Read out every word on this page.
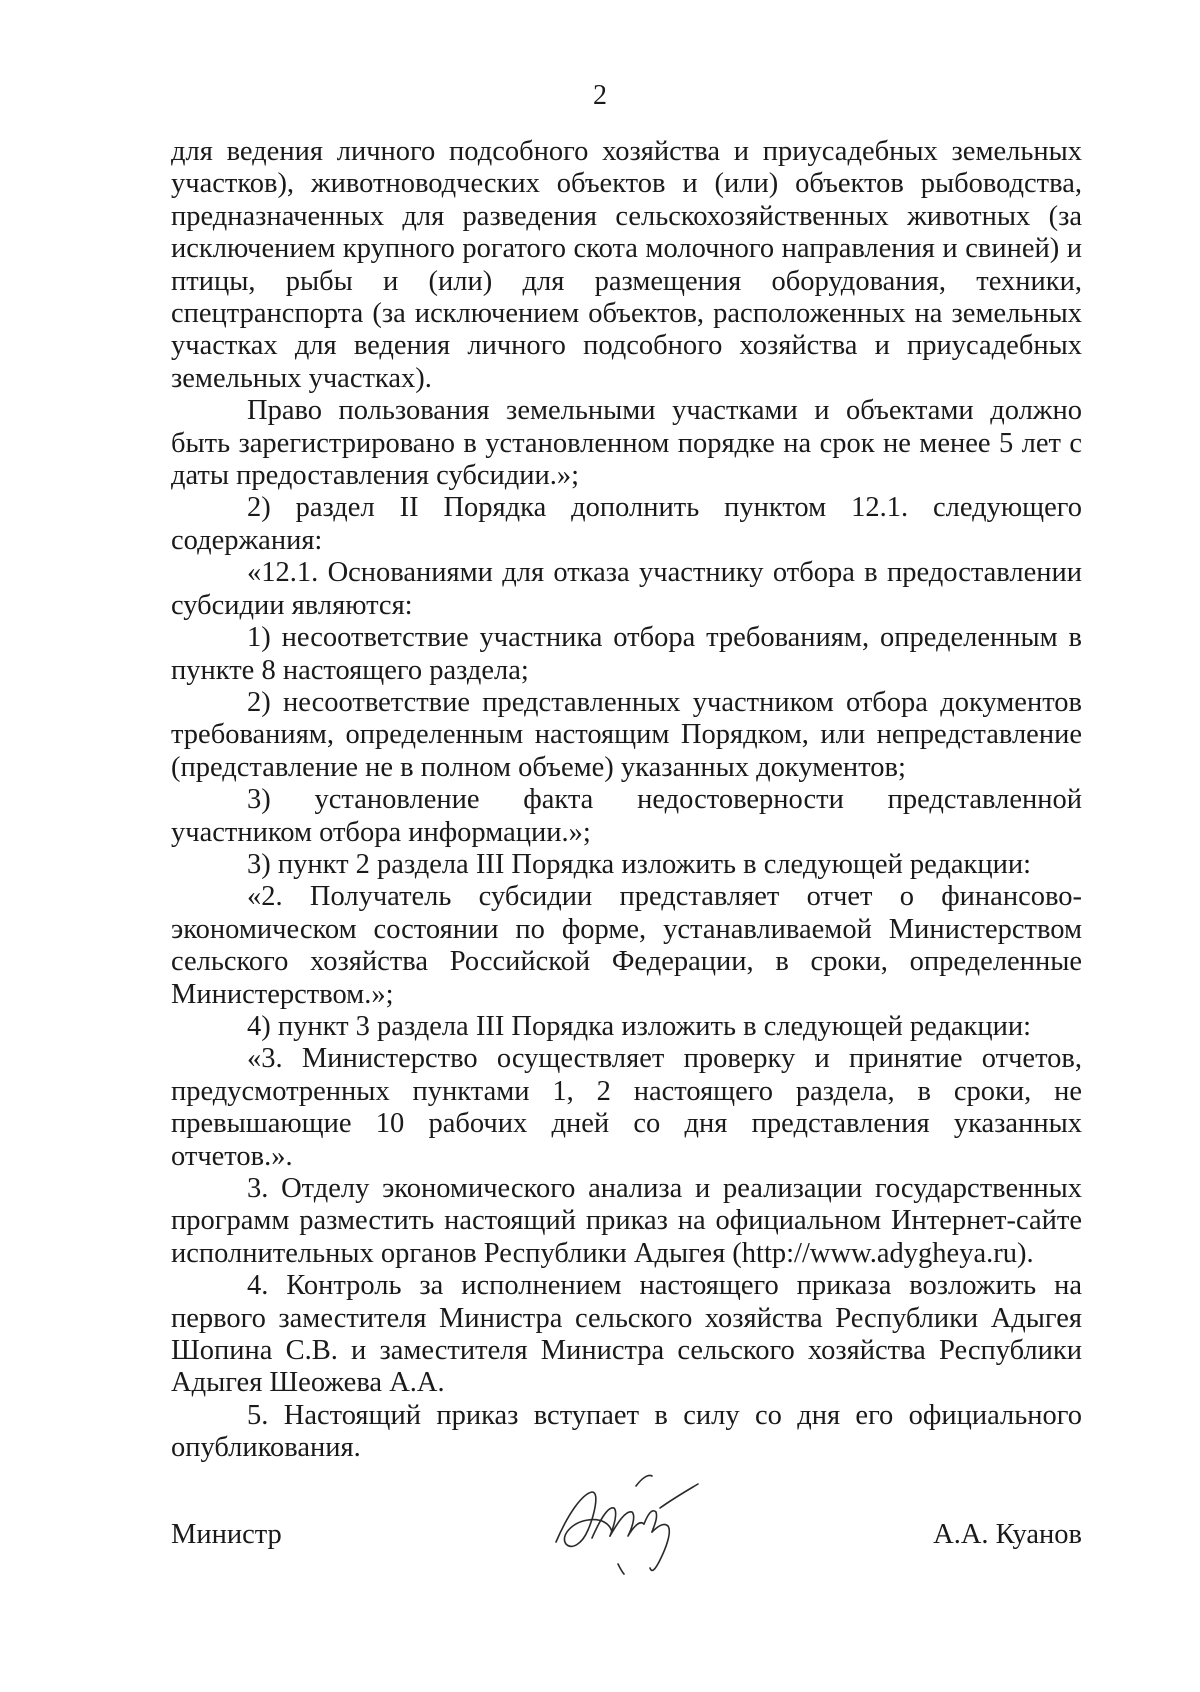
2

для ведения личного подсобного хозяйства и приусадебных земельных участков), животноводческих объектов и (или) объектов рыбоводства, предназначенных для разведения сельскохозяйственных животных (за исключением крупного рогатого скота молочного направления и свиней) и птицы, рыбы и (или) для размещения оборудования, техники, спецтранспорта (за исключением объектов, расположенных на земельных участках для ведения личного подсобного хозяйства и приусадебных земельных участках).

Право пользования земельными участками и объектами должно быть зарегистрировано в установленном порядке на срок не менее 5 лет с даты предоставления субсидии.»;

2) раздел II Порядка дополнить пунктом 12.1. следующего содержания:

«12.1. Основаниями для отказа участнику отбора в предоставлении субсидии являются:

1) несоответствие участника отбора требованиям, определенным в пункте 8 настоящего раздела;

2) несоответствие представленных участником отбора документов требованиям, определенным настоящим Порядком, или непредставление (представление не в полном объеме) указанных документов;

3) установление факта недостоверности представленной участником отбора информации.»;

3) пункт 2 раздела III Порядка изложить в следующей редакции:

«2. Получатель субсидии представляет отчет о финансово-экономическом состоянии по форме, устанавливаемой Министерством сельского хозяйства Российской Федерации, в сроки, определенные Министерством.»;

4) пункт 3 раздела III Порядка изложить в следующей редакции:

«3. Министерство осуществляет проверку и принятие отчетов, предусмотренных пунктами 1, 2 настоящего раздела, в сроки, не превышающие 10 рабочих дней со дня представления указанных отчетов.».

3. Отделу экономического анализа и реализации государственных программ разместить настоящий приказ на официальном Интернет-сайте исполнительных органов Республики Адыгея (http://www.adygheya.ru).

4. Контроль за исполнением настоящего приказа возложить на первого заместителя Министра сельского хозяйства Республики Адыгея Шопина С.В. и заместителя Министра сельского хозяйства Республики Адыгея Шеожева А.А.

5. Настоящий приказ вступает в силу со дня его официального опубликования.

Министр	А.А. Куанов
